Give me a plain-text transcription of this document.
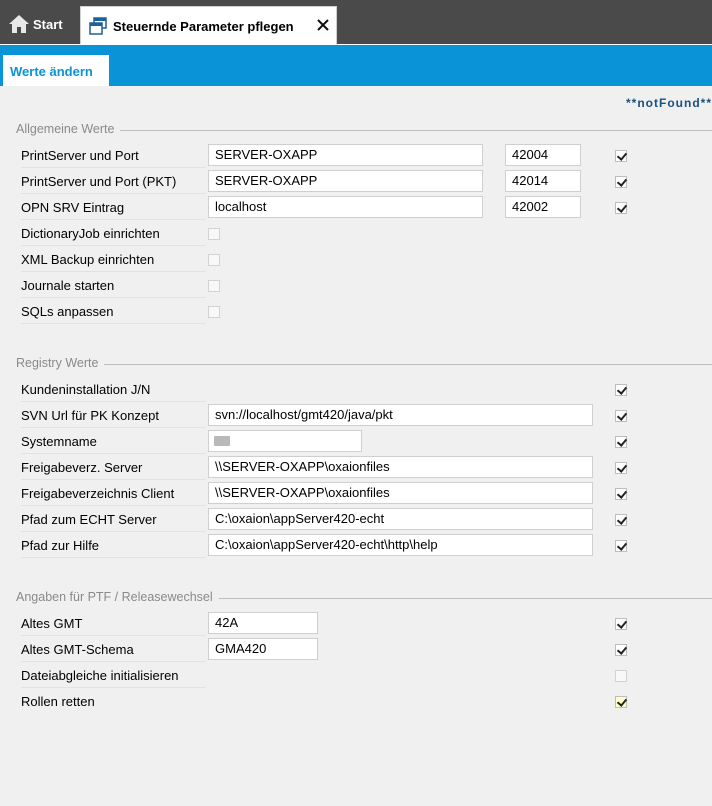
Start	Steuernde Parameter pflegen
Werte ändern
**notFound**
Allgemeine Werte
PrintServer und Port	SERVER-OXAPP	42004
PrintServer und Port (PKT)	SERVER-OXAPP	42014
OPN SRV Eintrag	localhost	42002
DictionaryJob einrichten
XML Backup einrichten
Journale starten
SQLs anpassen
Registry Werte
Kundeninstallation J/N
SVN Url für PK Konzept	svn://localhost/gmt420/java/pkt
Systemname
Freigabeverz. Server	\\SERVER-OXAPP\oxaionfiles
Freigabeverzeichnis Client	\\SERVER-OXAPP\oxaionfiles
Pfad zum ECHT Server	C:\oxaion\appServer420-echt
Pfad zur Hilfe	C:\oxaion\appServer420-echt\http\help
Angaben für PTF / Releasewechsel
Altes GMT	42A
Altes GMT-Schema	GMA420
Dateiabgleiche initialisieren
Rollen retten
